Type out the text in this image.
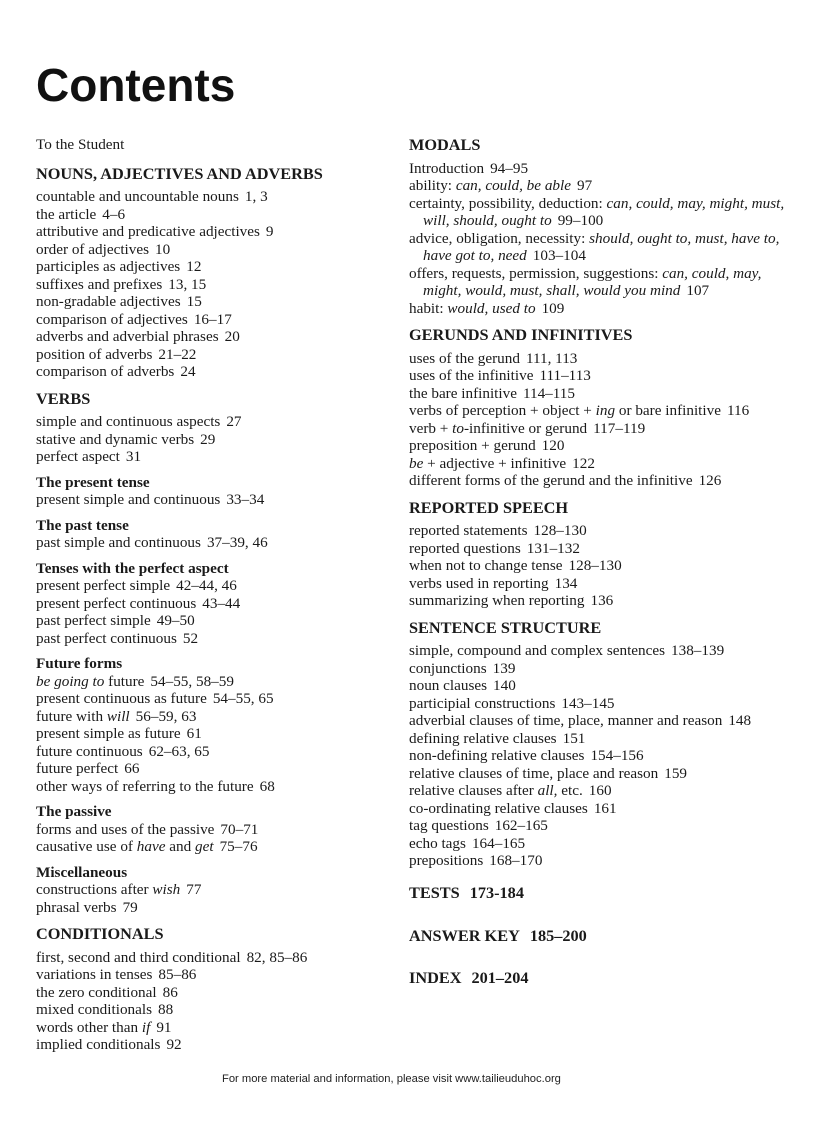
Contents

To the Student

NOUNS, ADJECTIVES AND ADVERBS

countable and uncountable nouns 1, 3

the article 4–6

attributive and predicative adjectives 9

order of adjectives 10

participles as adjectives 12

suffixes and prefixes 13, 15

non-gradable adjectives 15

comparison of adjectives 16–17

adverbs and adverbial phrases 20

position of adverbs 21–22

comparison of adverbs 24

VERBS

simple and continuous aspects 27

stative and dynamic verbs 29

perfect aspect 31

The present tense

present simple and continuous 33–34

The past tense

past simple and continuous 37–39, 46

Tenses with the perfect aspect

present perfect simple 42–44, 46

present perfect continuous 43–44

past perfect simple 49–50

past perfect continuous 52

Future forms

be going to future 54–55, 58–59

present continuous as future 54–55, 65

future with will 56–59, 63

present simple as future 61

future continuous 62–63, 65

future perfect 66

other ways of referring to the future 68

The passive

forms and uses of the passive 70–71

causative use of have and get 75–76

Miscellaneous

constructions after wish 77

phrasal verbs 79

CONDITIONALS

first, second and third conditional 82, 85–86

variations in tenses 85–86

the zero conditional 86

mixed conditionals 88

words other than if 91

implied conditionals 92

MODALS

Introduction 94–95

ability: can, could, be able 97

certainty, possibility, deduction: can, could, may, might, must, will, should, ought to 99–100

advice, obligation, necessity: should, ought to, must, have to, have got to, need 103–104

offers, requests, permission, suggestions: can, could, may, might, would, must, shall, would you mind 107

habit: would, used to 109

GERUNDS AND INFINITIVES

uses of the gerund 111, 113

uses of the infinitive 111–113

the bare infinitive 114–115

verbs of perception + object + ing or bare infinitive 116

verb + to-infinitive or gerund 117–119

preposition + gerund 120

be + adjective + infinitive 122

different forms of the gerund and the infinitive 126

REPORTED SPEECH

reported statements 128–130

reported questions 131–132

when not to change tense 128–130

verbs used in reporting 134

summarizing when reporting 136

SENTENCE STRUCTURE

simple, compound and complex sentences 138–139

conjunctions 139

noun clauses 140

participial constructions 143–145

adverbial clauses of time, place, manner and reason 148

defining relative clauses 151

non-defining relative clauses 154–156

relative clauses of time, place and reason 159

relative clauses after all, etc. 160

co-ordinating relative clauses 161

tag questions 162–165

echo tags 164–165

prepositions 168–170

TESTS 173-184

ANSWER KEY 185–200

INDEX 201–204

For more material and information, please visit www.tailieuduhoc.org
